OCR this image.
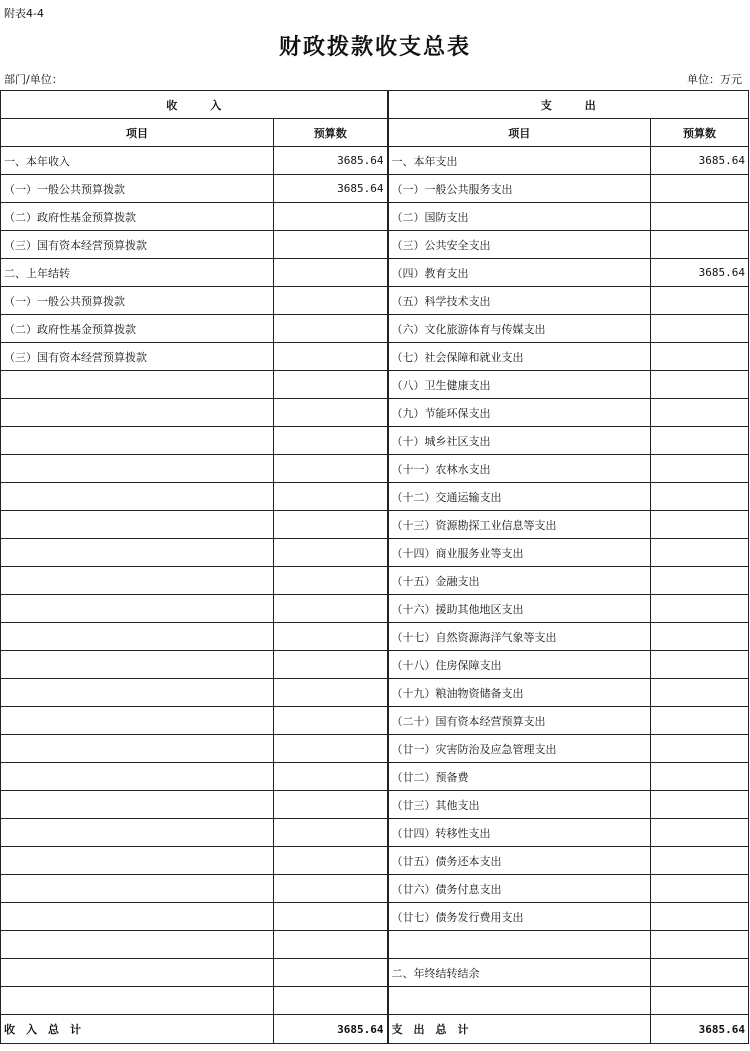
附表4-4
财政拨款收支总表
部门/单位：	单位：万元
收　　　入		支　　　出	
项目	预算数	项目	预算数
一、本年收入	3685.64	一、本年支出	3685.64
（一）一般公共预算拨款	3685.64	（一）一般公共服务支出	
（二）政府性基金预算拨款		（二）国防支出	
（三）国有资本经营预算拨款		（三）公共安全支出	
二、上年结转		（四）教育支出	3685.64
（一）一般公共预算拨款		（五）科学技术支出	
（二）政府性基金预算拨款		（六）文化旅游体育与传媒支出	
（三）国有资本经营预算拨款		（七）社会保障和就业支出	
		（八）卫生健康支出	
		（九）节能环保支出	
		（十）城乡社区支出	
		（十一）农林水支出	
		（十二）交通运输支出	
		（十三）资源勘探工业信息等支出	
		（十四）商业服务业等支出	
		（十五）金融支出	
		（十六）援助其他地区支出	
		（十七）自然资源海洋气象等支出	
		（十八）住房保障支出	
		（十九）粮油物资储备支出	
		（二十）国有资本经营预算支出	
		（廿一）灾害防治及应急管理支出	
		（廿二）预备费	
		（廿三）其他支出	
		（廿四）转移性支出	
		（廿五）债务还本支出	
		（廿六）债务付息支出	
		（廿七）债务发行费用支出	

		二、年终结转结余	

收　入　总　计	3685.64	支　出　总　计	3685.64
